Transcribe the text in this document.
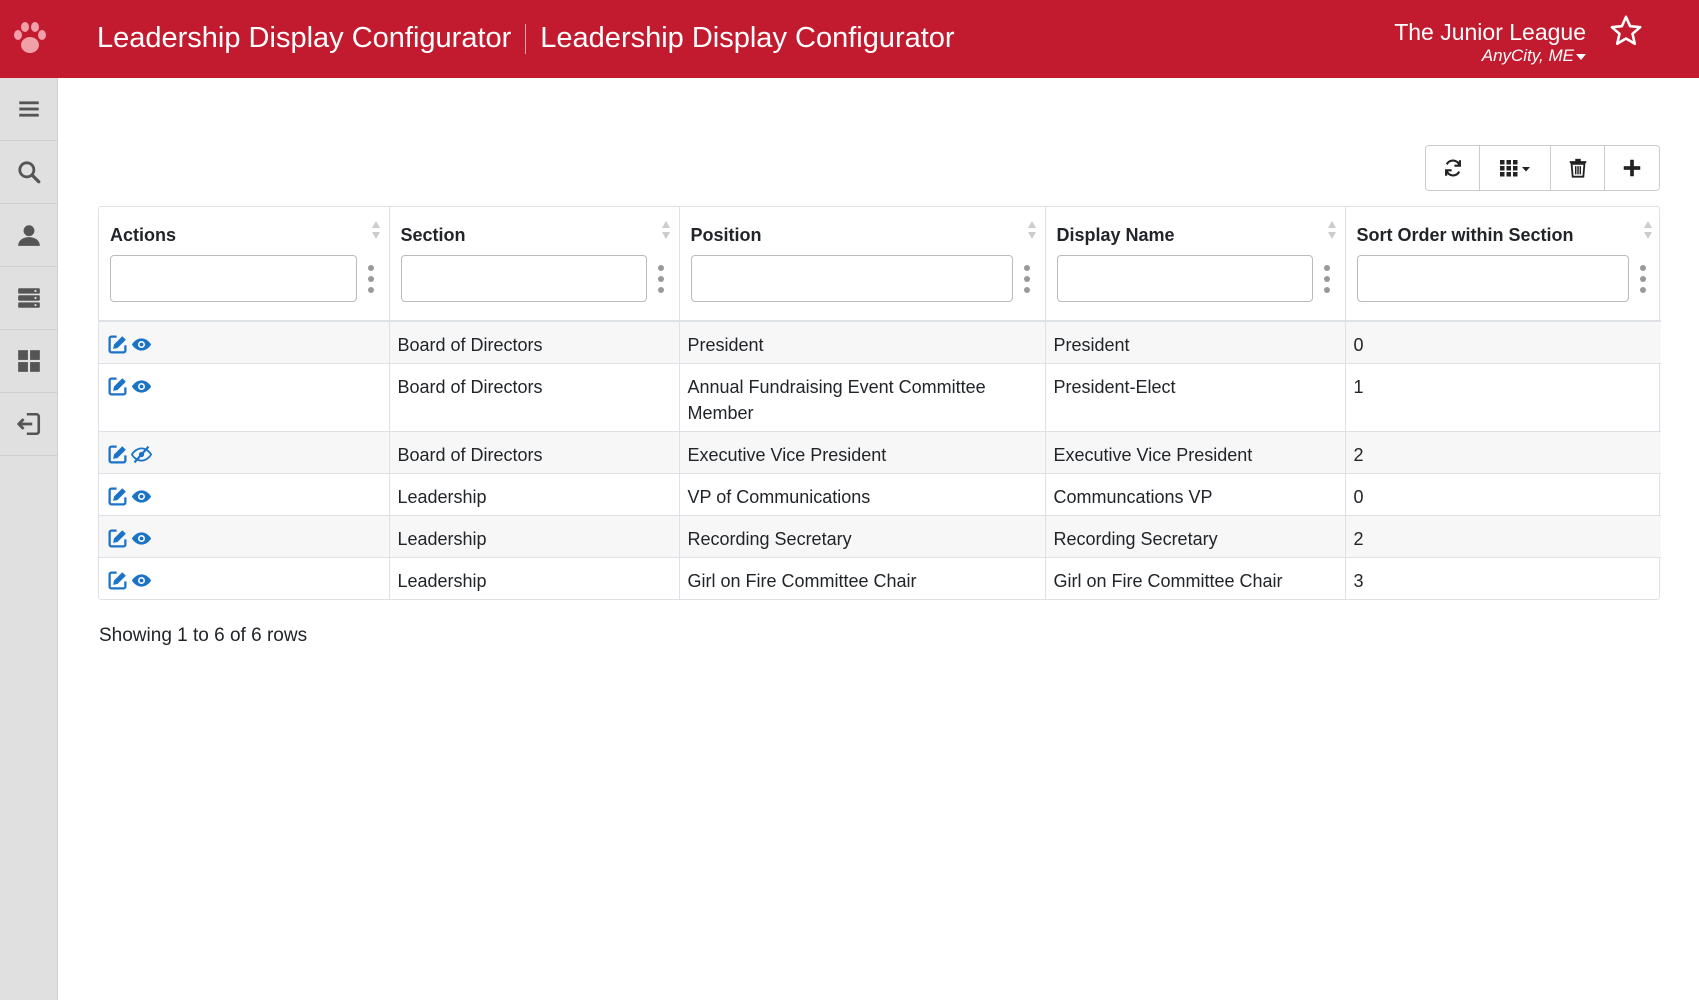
Leadership Display Configurator Leadership Display Configurator	The Junior League
AnyCity, ME
Actions	Section	Position	Display Name	Sort Order within Section

	Board of Directors	President	President	0

	Board of Directors	Annual Fundraising Event Committee Member	President-Elect	1

	Board of Directors	Executive Vice President	Executive Vice President	2

	Leadership	VP of Communications	Communcations VP	0

	Leadership	Recording Secretary	Recording Secretary	2

	Leadership	Girl on Fire Committee Chair	Girl on Fire Committee Chair	3
Showing 1 to 6 of 6 rows
